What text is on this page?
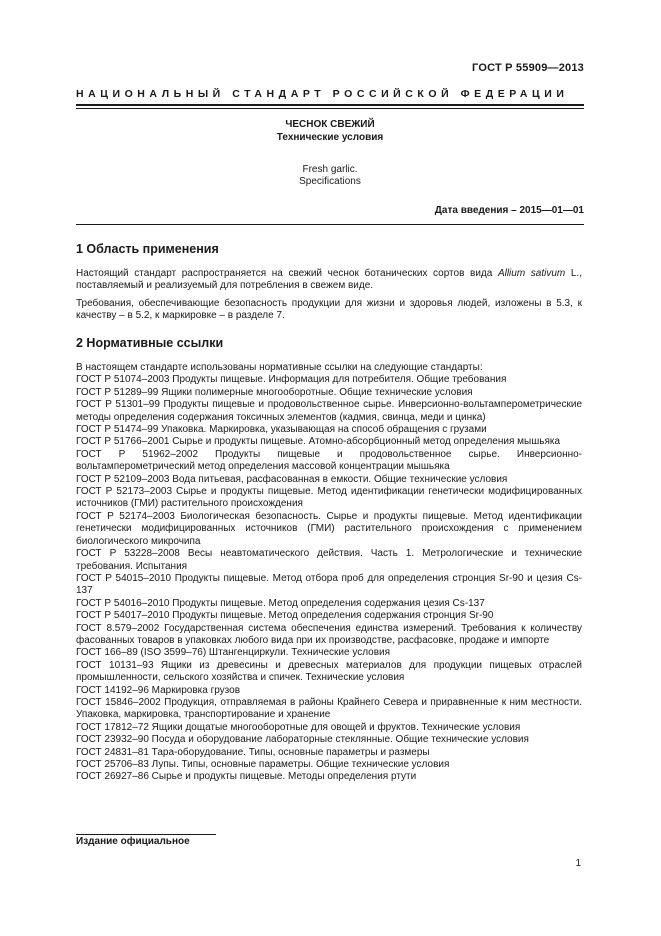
ГОСТ Р 55909—2013
НАЦИОНАЛЬНЫЙ СТАНДАРТ РОССИЙСКОЙ ФЕДЕРАЦИИ
ЧЕСНОК СВЕЖИЙ
Технические условия
Fresh garlic.
Specifications
Дата введения – 2015—01—01
1 Область применения
Настоящий стандарт распространяется на свежий чеснок ботанических сортов вида Allium sativum L., поставляемый и реализуемый для потребления в свежем виде.
Требования, обеспечивающие безопасность продукции для жизни и здоровья людей, изложены в 5.3, к качеству – в 5.2, к маркировке – в разделе 7.
2 Нормативные ссылки
В настоящем стандарте использованы нормативные ссылки на следующие стандарты:
ГОСТ Р 51074–2003 Продукты пищевые. Информация для потребителя. Общие требования
ГОСТ Р 51289–99 Ящики полимерные многооборотные. Общие технические условия
ГОСТ Р 51301–99 Продукты пищевые и продовольственное сырье. Инверсионно-вольтамперометрические методы определения содержания токсичных элементов (кадмия, свинца, меди и цинка)
ГОСТ Р 51474–99 Упаковка. Маркировка, указывающая на способ обращения с грузами
ГОСТ Р 51766–2001 Сырье и продукты пищевые. Атомно-абсорбционный метод определения мышьяка
ГОСТ Р 51962–2002 Продукты пищевые и продовольственное сырье. Инверсионно-вольтамперометрический метод определения массовой концентрации мышьяка
ГОСТ Р 52109–2003 Вода питьевая, расфасованная в емкости. Общие технические условия
ГОСТ Р 52173–2003 Сырье и продукты пищевые. Метод идентификации генетически модифицированных источников (ГМИ) растительного происхождения
ГОСТ Р 52174–2003 Биологическая безопасность. Сырье и продукты пищевые. Метод идентификации генетически модифицированных источников (ГМИ) растительного происхождения с применением биологического микрочипа
ГОСТ Р 53228–2008 Весы неавтоматического действия. Часть 1. Метрологические и технические требования. Испытания
ГОСТ Р 54015–2010 Продукты пищевые. Метод отбора проб для определения стронция Sr-90 и цезия Cs-137
ГОСТ Р 54016–2010 Продукты пищевые. Метод определения содержания цезия Cs-137
ГОСТ Р 54017–2010 Продукты пищевые. Метод определения содержания стронция Sr-90
ГОСТ 8.579–2002 Государственная система обеспечения единства измерений. Требования к количеству фасованных товаров в упаковках любого вида при их производстве, расфасовке, продаже и импорте
ГОСТ 166–89 (ISO 3599–76) Штангенциркули. Технические условия
ГОСТ 10131–93 Ящики из древесины и древесных материалов для продукции пищевых отраслей промышленности, сельского хозяйства и спичек. Технические условия
ГОСТ 14192–96 Маркировка грузов
ГОСТ 15846–2002 Продукция, отправляемая в районы Крайнего Севера и приравненные к ним местности. Упаковка, маркировка, транспортирование и хранение
ГОСТ 17812–72 Ящики дощатые многооборотные для овощей и фруктов. Технические условия
ГОСТ 23932–90 Посуда и оборудование лабораторные стеклянные. Общие технические условия
ГОСТ 24831–81 Тара-оборудование. Типы, основные параметры и размеры
ГОСТ 25706–83 Лупы. Типы, основные параметры. Общие технические условия
ГОСТ 26927–86 Сырье и продукты пищевые. Методы определения ртути
Издание официальное
1
